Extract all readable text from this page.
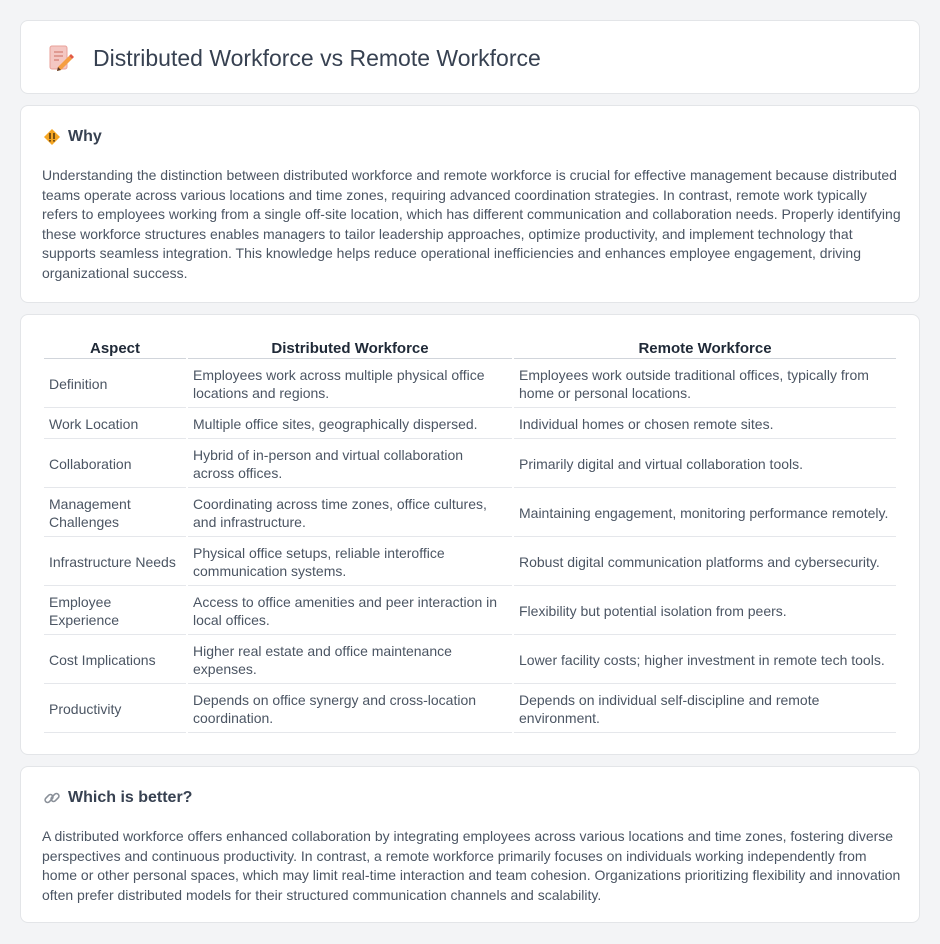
Distributed Workforce vs Remote Workforce
Why

Understanding the distinction between distributed workforce and remote workforce is crucial for effective management because distributed teams operate across various locations and time zones, requiring advanced coordination strategies. In contrast, remote work typically refers to employees working from a single off-site location, which has different communication and collaboration needs. Properly identifying these workforce structures enables managers to tailor leadership approaches, optimize productivity, and implement technology that supports seamless integration. This knowledge helps reduce operational inefficiencies and enhances employee engagement, driving organizational success.

Aspect	Distributed Workforce	Remote Workforce
Definition	Employees work across multiple physical office locations and regions.	Employees work outside traditional offices, typically from home or personal locations.
Work Location	Multiple office sites, geographically dispersed.	Individual homes or chosen remote sites.
Collaboration	Hybrid of in-person and virtual collaboration across offices.	Primarily digital and virtual collaboration tools.
Management Challenges	Coordinating across time zones, office cultures, and infrastructure.	Maintaining engagement, monitoring performance remotely.
Infrastructure Needs	Physical office setups, reliable interoffice communication systems.	Robust digital communication platforms and cybersecurity.
Employee Experience	Access to office amenities and peer interaction in local offices.	Flexibility but potential isolation from peers.
Cost Implications	Higher real estate and office maintenance expenses.	Lower facility costs; higher investment in remote tech tools.
Productivity	Depends on office synergy and cross-location coordination.	Depends on individual self-discipline and remote environment.
Which is better?

A distributed workforce offers enhanced collaboration by integrating employees across various locations and time zones, fostering diverse perspectives and continuous productivity. In contrast, a remote workforce primarily focuses on individuals working independently from home or other personal spaces, which may limit real-time interaction and team cohesion. Organizations prioritizing flexibility and innovation often prefer distributed models for their structured communication channels and scalability.
